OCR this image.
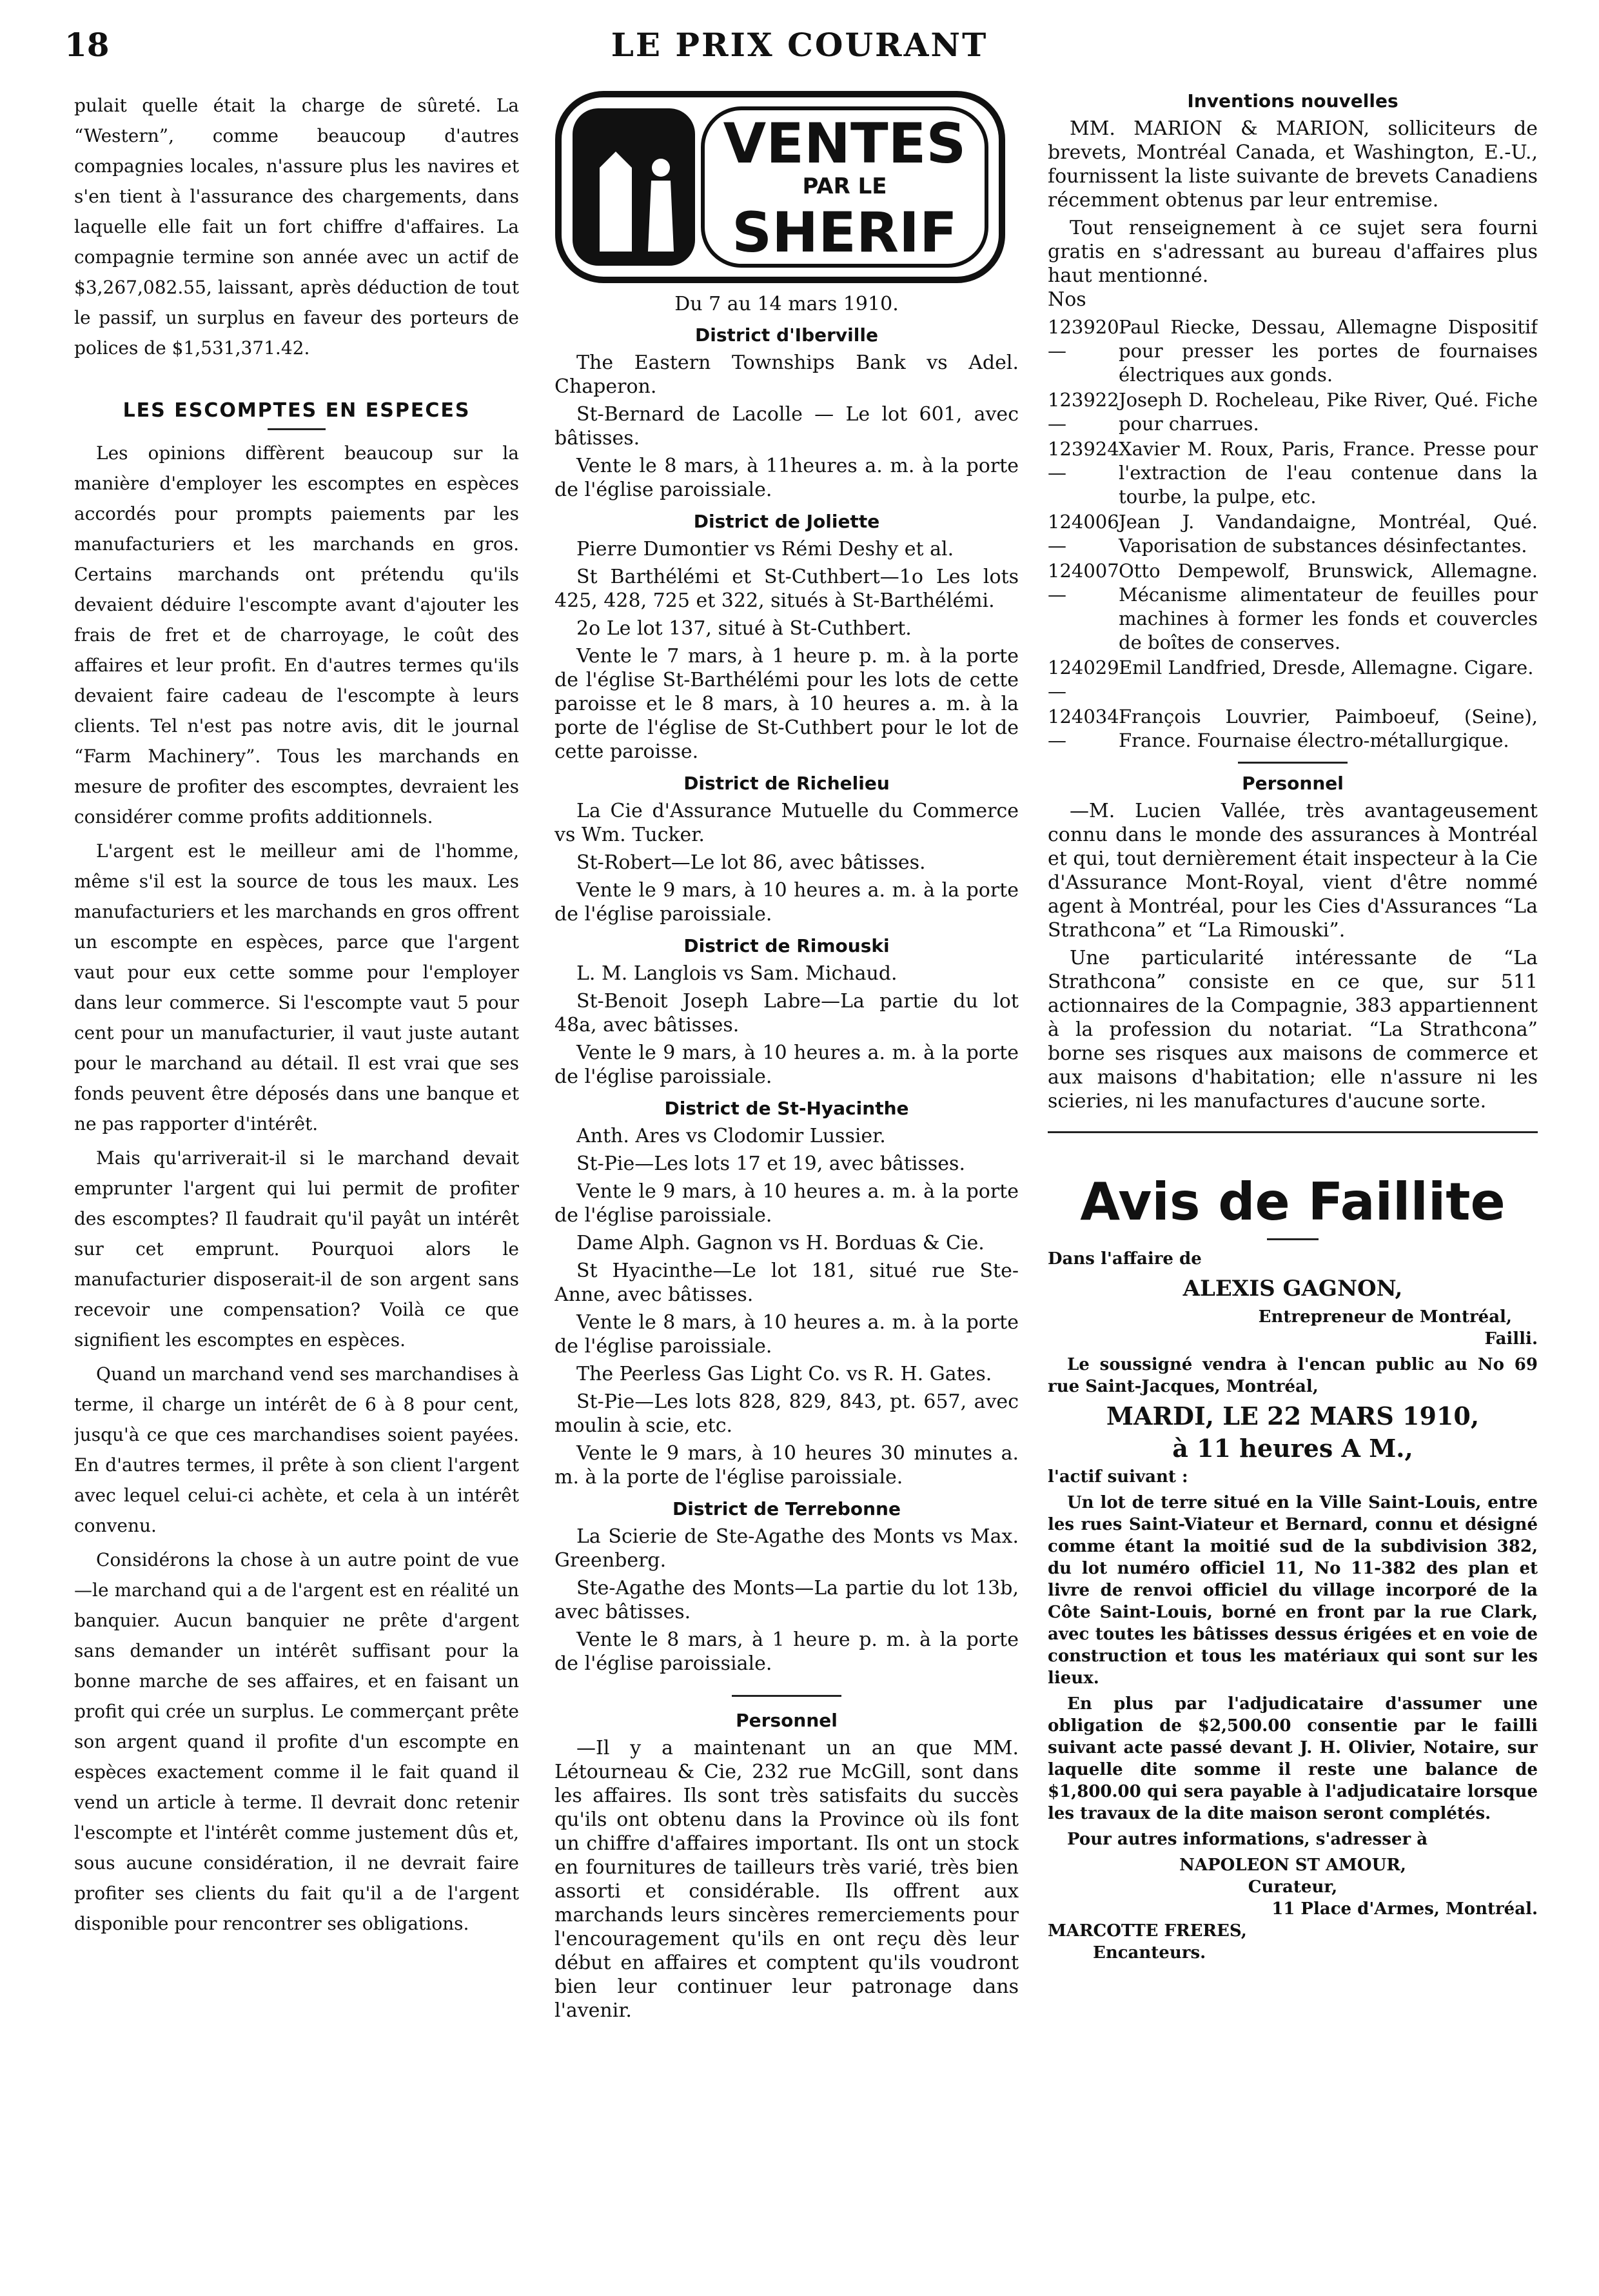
18	LE PRIX COURANT

pulait quelle était la charge de sûreté. La “Western”, comme beaucoup d'autres compagnies locales, n'assure plus les navires et s'en tient à l'assurance des chargements, dans laquelle elle fait un fort chiffre d'affaires. La compagnie termine son année avec un actif de $3,267,082.55, laissant, après déduction de tout le passif, un surplus en faveur des porteurs de polices de $1,531,371.42.

LES ESCOMPTES EN ESPECES

Les opinions diffèrent beaucoup sur la manière d'employer les escomptes en espèces accordés pour prompts paiements par les manufacturiers et les marchands en gros. Certains marchands ont prétendu qu'ils devaient déduire l'escompte avant d'ajouter les frais de fret et de charroyage, le coût des affaires et leur profit. En d'autres termes qu'ils devaient faire cadeau de l'escompte à leurs clients. Tel n'est pas notre avis, dit le journal “Farm Machinery”. Tous les marchands en mesure de profiter des escomptes, devraient les considérer comme profits additionnels.

L'argent est le meilleur ami de l'homme, même s'il est la source de tous les maux. Les manufacturiers et les marchands en gros offrent un escompte en espèces, parce que l'argent vaut pour eux cette somme pour l'employer dans leur commerce. Si l'escompte vaut 5 pour cent pour un manufacturier, il vaut juste autant pour le marchand au détail. Il est vrai que ses fonds peuvent être déposés dans une banque et ne pas rapporter d'intérêt.

Mais qu'arriverait-il si le marchand devait emprunter l'argent qui lui permit de profiter des escomptes? Il faudrait qu'il payât un intérêt sur cet emprunt. Pourquoi alors le manufacturier disposerait-il de son argent sans recevoir une compensation? Voilà ce que signifient les escomptes en espèces.

Quand un marchand vend ses marchandises à terme, il charge un intérêt de 6 à 8 pour cent, jusqu'à ce que ces marchandises soient payées. En d'autres termes, il prête à son client l'argent avec lequel celui-ci achète, et cela à un intérêt convenu.

Considérons la chose à un autre point de vue—le marchand qui a de l'argent est en réalité un banquier. Aucun banquier ne prête d'argent sans demander un intérêt suffisant pour la bonne marche de ses affaires, et en faisant un profit qui crée un surplus. Le commerçant prête son argent quand il profite d'un escompte en espèces exactement comme il le fait quand il vend un article à terme. Il devrait donc retenir l'escompte et l'intérêt comme justement dûs et, sous aucune considération, il ne devrait faire profiter ses clients du fait qu'il a de l'argent disponible pour rencontrer ses obligations.

VENTES
PAR LE
SHERIF
Du 7 au 14 mars 1910.
District d'Iberville

The Eastern Townships Bank vs Adel. Chaperon.

St-Bernard de Lacolle — Le lot 601, avec bâtisses.

Vente le 8 mars, à 11heures a. m. à la porte de l'église paroissiale.

District de Joliette

Pierre Dumontier vs Rémi Deshy et al.

St Barthélémi et St-Cuthbert—1o Les lots 425, 428, 725 et 322, situés à St-Barthélémi.

2o Le lot 137, situé à St-Cuthbert.

Vente le 7 mars, à 1 heure p. m. à la porte de l'église St-Barthélémi pour les lots de cette paroisse et le 8 mars, à 10 heures a. m. à la porte de l'église de St-Cuthbert pour le lot de cette paroisse.

District de Richelieu

La Cie d'Assurance Mutuelle du Commerce vs Wm. Tucker.

St-Robert—Le lot 86, avec bâtisses.

Vente le 9 mars, à 10 heures a. m. à la porte de l'église paroissiale.

District de Rimouski

L. M. Langlois vs Sam. Michaud.

St-Benoit Joseph Labre—La partie du lot 48a, avec bâtisses.

Vente le 9 mars, à 10 heures a. m. à la porte de l'église paroissiale.

District de St-Hyacinthe

Anth. Ares vs Clodomir Lussier.

St-Pie—Les lots 17 et 19, avec bâtisses.

Vente le 9 mars, à 10 heures a. m. à la porte de l'église paroissiale.

Dame Alph. Gagnon vs H. Borduas & Cie.

St Hyacinthe—Le lot 181, situé rue Ste-Anne, avec bâtisses.

Vente le 8 mars, à 10 heures a. m. à la porte de l'église paroissiale.

The Peerless Gas Light Co. vs R. H. Gates.

St-Pie—Les lots 828, 829, 843, pt. 657, avec moulin à scie, etc.

Vente le 9 mars, à 10 heures 30 minutes a. m. à la porte de l'église paroissiale.

District de Terrebonne

La Scierie de Ste-Agathe des Monts vs Max. Greenberg.

Ste-Agathe des Monts—La partie du lot 13b, avec bâtisses.

Vente le 8 mars, à 1 heure p. m. à la porte de l'église paroissiale.

Personnel

—Il y a maintenant un an que MM. Létourneau & Cie, 232 rue McGill, sont dans les affaires. Ils sont très satisfaits du succès qu'ils ont obtenu dans la Province où ils font un chiffre d'affaires important. Ils ont un stock en fournitures de tailleurs très varié, très bien assorti et considérable. Ils offrent aux marchands leurs sincères remerciements pour l'encouragement qu'ils en ont reçu dès leur début en affaires et comptent qu'ils voudront bien leur continuer leur patronage dans l'avenir.

Inventions nouvelles

MM. MARION & MARION, solliciteurs de brevets, Montréal Canada, et Washington, E.-U., fournissent la liste suivante de brevets Canadiens récemment obtenus par leur entremise.

Tout renseignement à ce sujet sera fourni gratis en s'adressant au bureau d'affaires plus haut mentionné.

Nos

123920—
Paul Riecke, Dessau, Allemagne Dispositif pour presser les portes de fournaises électriques aux gonds.
123922—
Joseph D. Rocheleau, Pike River, Qué. Fiche pour charrues.
123924—
Xavier M. Roux, Paris, France. Presse pour l'extraction de l'eau contenue dans la tourbe, la pulpe, etc.
124006—
Jean J. Vandandaigne, Montréal, Qué. Vaporisation de substances désinfectantes.
124007—
Otto Dempewolf, Brunswick, Allemagne. Mécanisme alimentateur de feuilles pour machines à former les fonds et couvercles de boîtes de conserves.
124029—
Emil Landfried, Dresde, Allemagne. Cigare.
124034—
François Louvrier, Paimboeuf, (Seine), France. Fournaise électro-métallurgique.
Personnel

—M. Lucien Vallée, très avantageusement connu dans le monde des assurances à Montréal et qui, tout dernièrement était inspecteur à la Cie d'Assurance Mont-Royal, vient d'être nommé agent à Montréal, pour les Cies d'Assurances “La Strathcona” et “La Rimouski”.

Une particularité intéressante de “La Strathcona” consiste en ce que, sur 511 actionnaires de la Compagnie, 383 appartiennent à la profession du notariat. “La Strathcona” borne ses risques aux maisons de commerce et aux maisons d'habitation; elle n'assure ni les scieries, ni les manufactures d'aucune sorte.

Avis de Faillite

Dans l'affaire de

ALEXIS GAGNON,

Entrepreneur de Montréal,

Failli.

Le soussigné vendra à l'encan public au No 69 rue Saint-Jacques, Montréal,

MARDI, LE 22 MARS 1910,
à 11 heures A M.,

l'actif suivant :

Un lot de terre situé en la Ville Saint-Louis, entre les rues Saint-Viateur et Bernard, connu et désigné comme étant la moitié sud de la subdivision 382, du lot numéro officiel 11, No 11-382 des plan et livre de renvoi officiel du village incorporé de la Côte Saint-Louis, borné en front par la rue Clark, avec toutes les bâtisses dessus érigées et en voie de construction et tous les matériaux qui sont sur les lieux.

En plus par l'adjudicataire d'assumer une obligation de $2,500.00 consentie par le failli suivant acte passé devant J. H. Olivier, Notaire, sur laquelle dite somme il reste une balance de $1,800.00 qui sera payable à l'adjudicataire lorsque les travaux de la dite maison seront complétés.

Pour autres informations, s'adresser à

NAPOLEON ST AMOUR,

Curateur,

11 Place d'Armes, Montréal.

MARCOTTE FRERES,

Encanteurs.
